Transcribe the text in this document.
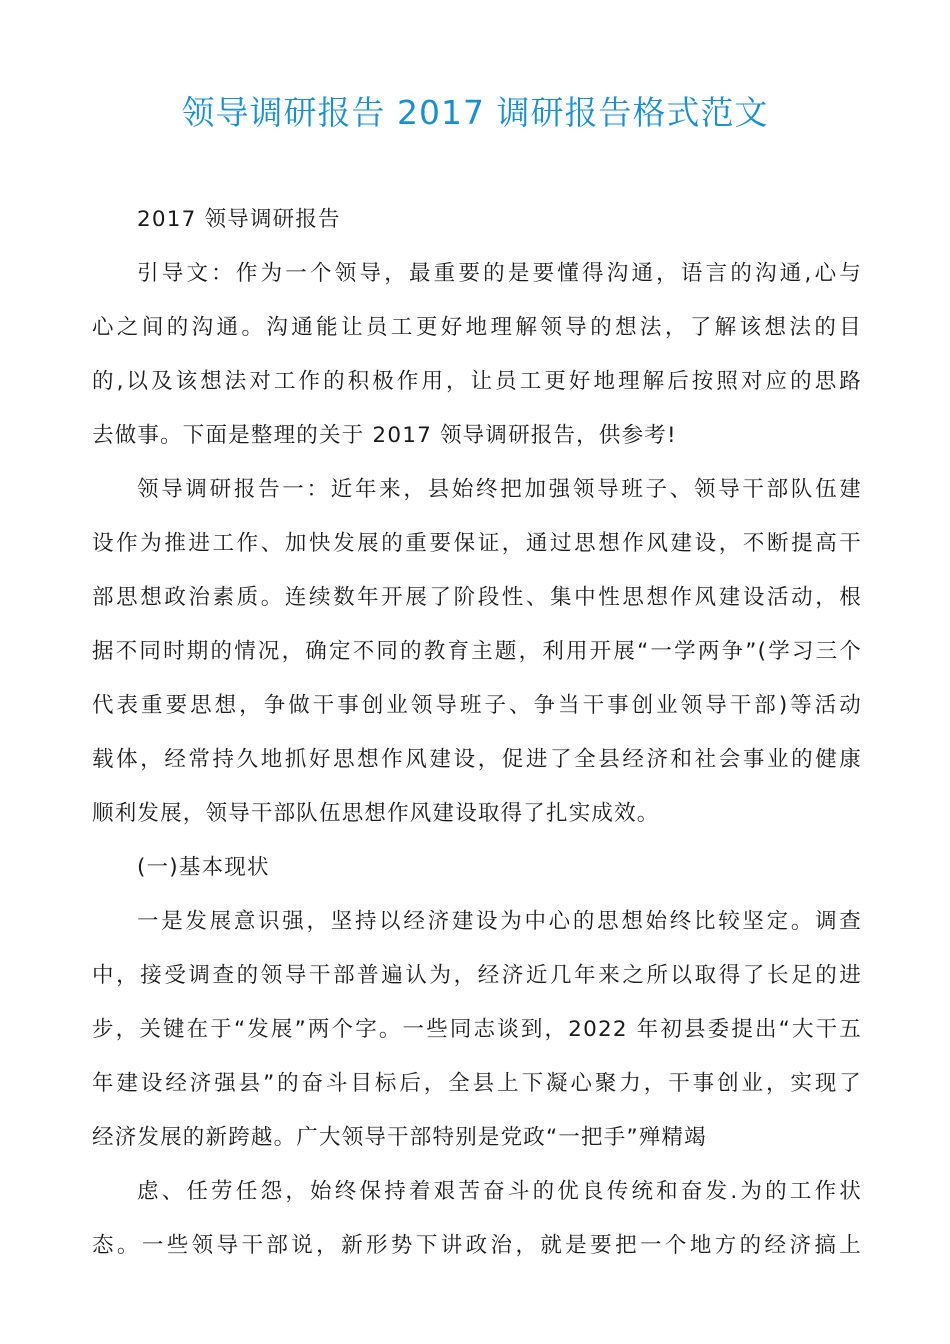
领导调研报告 2017 调研报告格式范文
2017 领导调研报告
引导文：作为一个领导，最重要的是要懂得沟通，语言的沟通,心与
心之间的沟通。沟通能让员工更好地理解领导的想法，了解该想法的目
的,以及该想法对工作的积极作用，让员工更好地理解后按照对应的思路
去做事。下面是整理的关于 2017 领导调研报告，供参考!
领导调研报告一：近年来，县始终把加强领导班子、领导干部队伍建
设作为推进工作、加快发展的重要保证，通过思想作风建设，不断提高干
部思想政治素质。连续数年开展了阶段性、集中性思想作风建设活动，根
据不同时期的情况，确定不同的教育主题，利用开展“一学两争”(学习三个
代表重要思想，争做干事创业领导班子、争当干事创业领导干部)等活动
载体，经常持久地抓好思想作风建设，促进了全县经济和社会事业的健康
顺利发展，领导干部队伍思想作风建设取得了扎实成效。
(一)基本现状
一是发展意识强，坚持以经济建设为中心的思想始终比较坚定。调查
中，接受调查的领导干部普遍认为，经济近几年来之所以取得了长足的进
步，关键在于“发展”两个字。一些同志谈到，2022 年初县委提出“大干五
年建设经济强县”的奋斗目标后，全县上下凝心聚力，干事创业，实现了
经济发展的新跨越。广大领导干部特别是党政“一把手”殚精竭
虑、任劳任怨，始终保持着艰苦奋斗的优良传统和奋发.为的工作状
态。一些领导干部说，新形势下讲政治，就是要把一个地方的经济搞上
